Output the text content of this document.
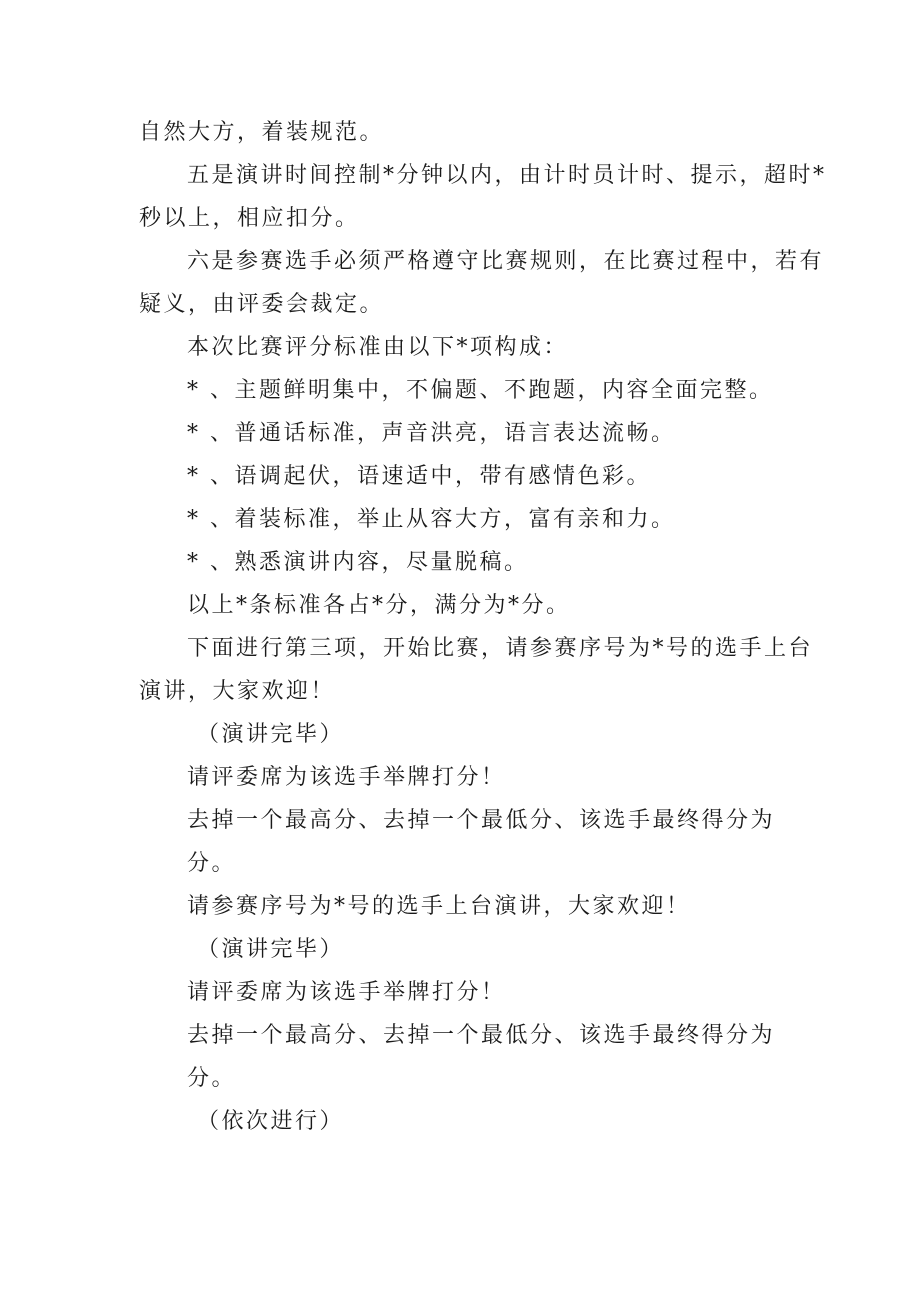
自然大方，着装规范。
五是演讲时间控制*分钟以内，由计时员计时、提示，超时*
秒以上，相应扣分。
六是参赛选手必须严格遵守比赛规则，在比赛过程中，若有
疑义，由评委会裁定。
本次比赛评分标准由以下*项构成：
* 、主题鲜明集中，不偏题、不跑题，内容全面完整。
* 、普通话标准，声音洪亮，语言表达流畅。
* 、语调起伏，语速适中，带有感情色彩。
* 、着装标准，举止从容大方，富有亲和力。
* 、熟悉演讲内容，尽量脱稿。
以上*条标准各占*分，满分为*分。
下面进行第三项，开始比赛，请参赛序号为*号的选手上台
演讲，大家欢迎！
（演讲完毕）
请评委席为该选手举牌打分！
去掉一个最高分、去掉一个最低分、该选手最终得分为
分。
请参赛序号为*号的选手上台演讲，大家欢迎！
（演讲完毕）
请评委席为该选手举牌打分！
去掉一个最高分、去掉一个最低分、该选手最终得分为
分。
（依次进行）
